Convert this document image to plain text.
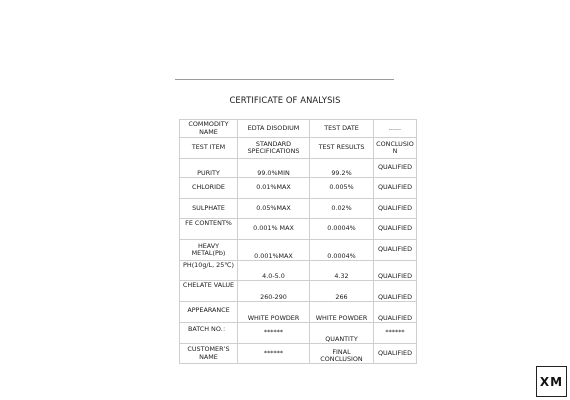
CERTIFICATE OF ANALYSIS
COMMODITY NAME	EDTA DISODIUM	TEST DATE	......
TEST ITEM	STANDARD SPECIFICATIONS	TEST RESULTS	CONCLUSION
PURITY	99.0%MIN	99.2%	QUALIFIED
CHLORIDE	0.01%MAX	0.005%	QUALIFIED
SULPHATE	0.05%MAX	0.02%	QUALIFIED
FE CONTENT%	0.001% MAX	0.0004%	QUALIFIED
HEAVY METAL(Pb)	0.001%MAX	0.0004%	QUALIFIED
PH(10g/L, 25℃)	4.0-5.0	4.32	QUALIFIED
CHELATE VALUE	260-290	266	QUALIFIED
APPEARANCE	WHITE POWDER	WHITE POWDER	QUALIFIED
BATCH NO.：	******	QUANTITY	******
CUSTOMER’S NAME	******	FINAL CONCLUSION	QUALIFIED
XM
